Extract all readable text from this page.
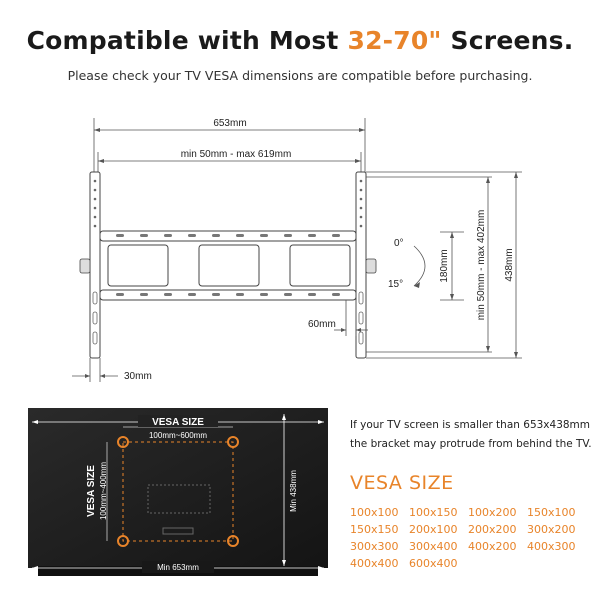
Compatible with Most 32-70" Screens.
Please check your TV VESA dimensions are compatible before purchasing.
653mm
min 50mm - max 619mm
0°
15°
60mm
30mm
180mm	min 50mm - max 402mm 438mm
VESA SIZE
100mm~600mm
VESA SIZE 100mm~400mm	Min 438mm
Min 653mm
If your TV screen is smaller than 653x438mm
the bracket may protrude from behind the TV.
VESA SIZE
100x100 100x150 100x200 150x100
150x150 200x100 200x200 300x200
300x300 300x400 400x200 400x300
400x400 600x400
